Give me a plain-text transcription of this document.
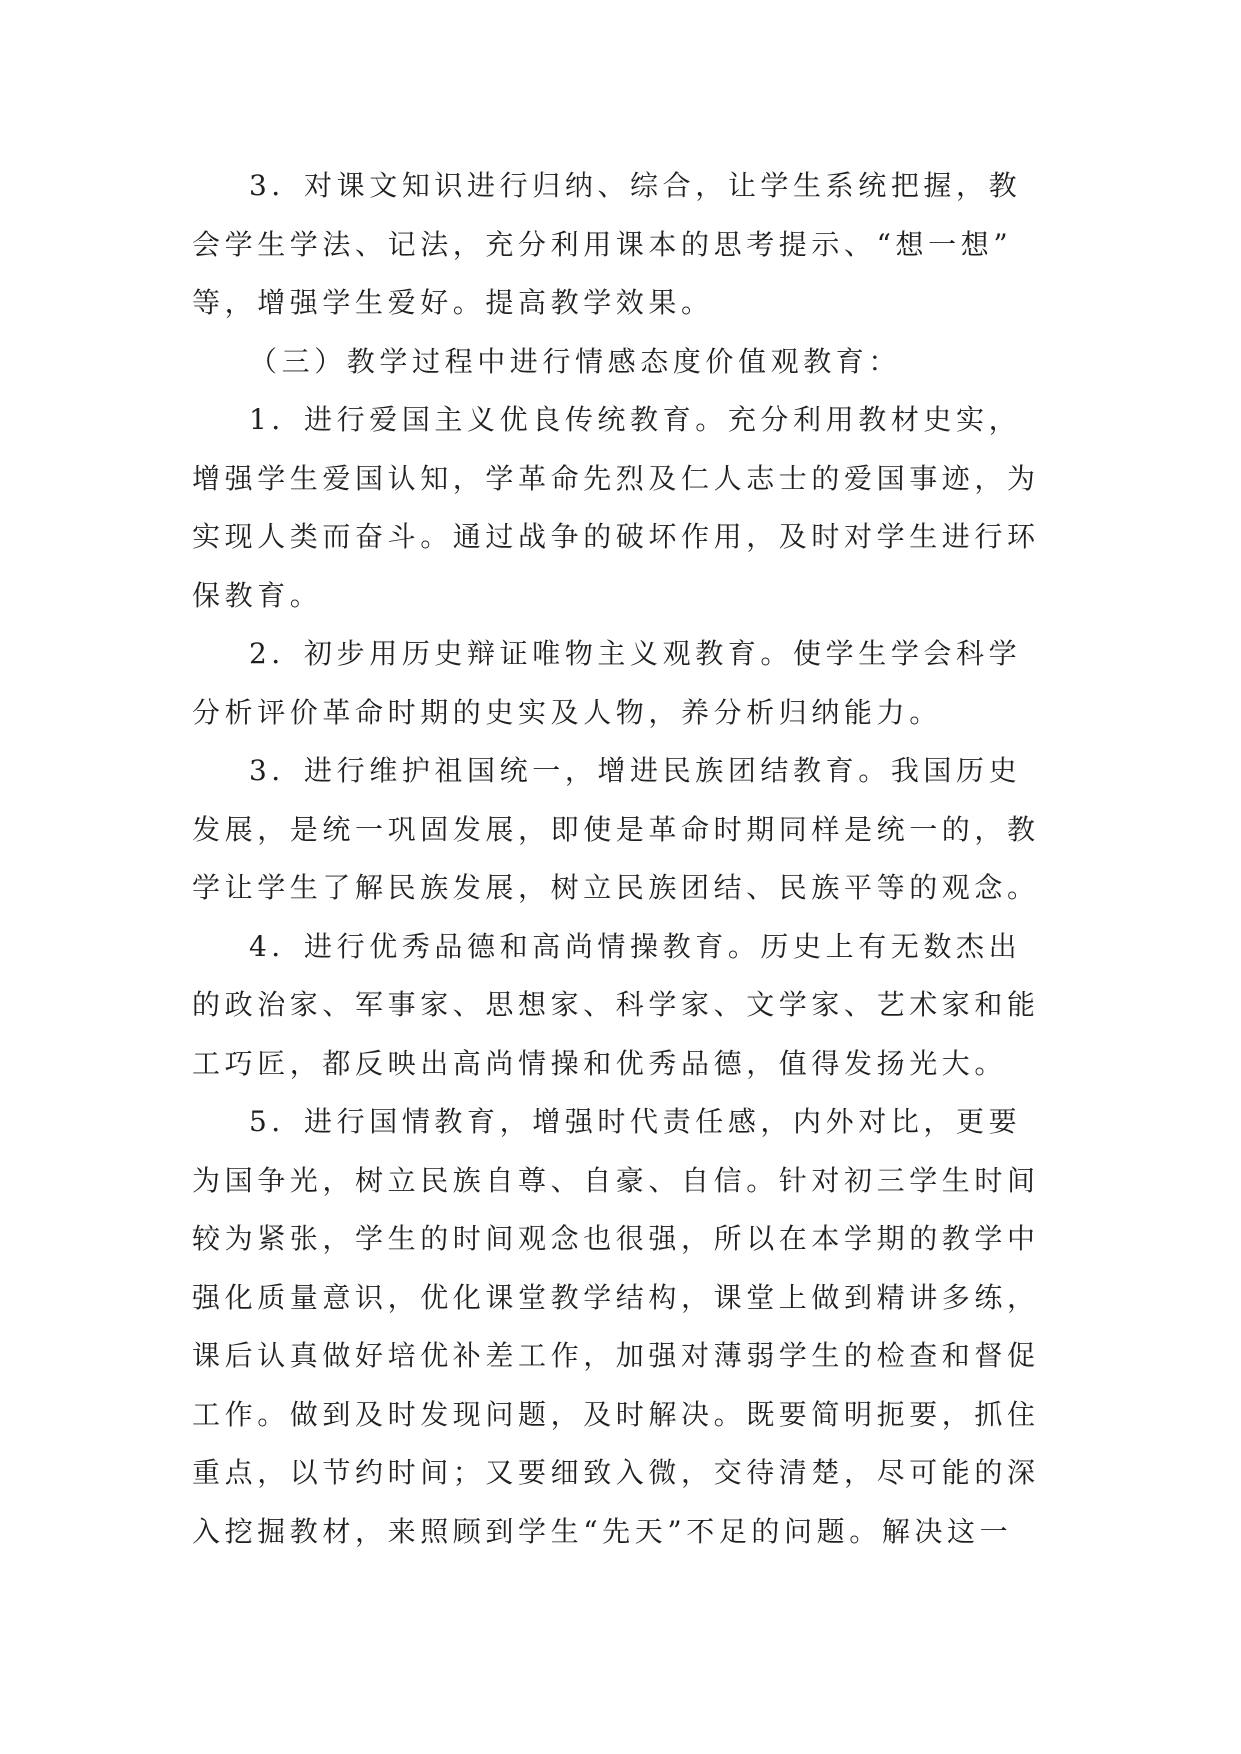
3．对课文知识进行归纳、综合，让学生系统把握，教
会学生学法、记法，充分利用课本的思考提示、“想一想”
等，增强学生爱好。提高教学效果。
（三）教学过程中进行情感态度价值观教育：
1．进行爱国主义优良传统教育。充分利用教材史实，
增强学生爱国认知，学革命先烈及仁人志士的爱国事迹，为
实现人类而奋斗。通过战争的破坏作用，及时对学生进行环
保教育。
2．初步用历史辩证唯物主义观教育。使学生学会科学
分析评价革命时期的史实及人物，养分析归纳能力。
3．进行维护祖国统一，增进民族团结教育。我国历史
发展，是统一巩固发展，即使是革命时期同样是统一的，教
学让学生了解民族发展，树立民族团结、民族平等的观念。
4．进行优秀品德和高尚情操教育。历史上有无数杰出
的政治家、军事家、思想家、科学家、文学家、艺术家和能
工巧匠，都反映出高尚情操和优秀品德，值得发扬光大。
5．进行国情教育，增强时代责任感，内外对比，更要
为国争光，树立民族自尊、自豪、自信。针对初三学生时间
较为紧张，学生的时间观念也很强，所以在本学期的教学中
强化质量意识，优化课堂教学结构，课堂上做到精讲多练，
课后认真做好培优补差工作，加强对薄弱学生的检查和督促
工作。做到及时发现问题，及时解决。既要简明扼要，抓住
重点，以节约时间；又要细致入微，交待清楚，尽可能的深
入挖掘教材，来照顾到学生“先天”不足的问题。解决这一
